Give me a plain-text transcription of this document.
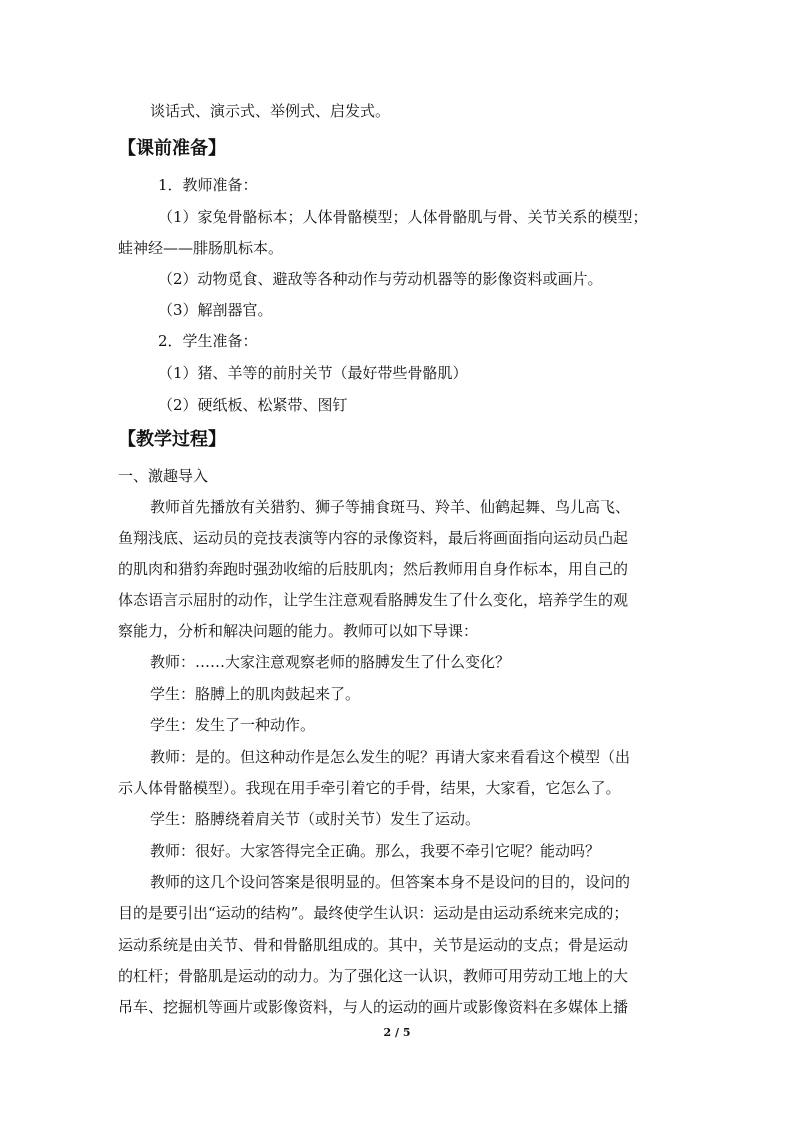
谈话式、演示式、举例式、启发式。
【课前准备】
1．教师准备：
（1）家兔骨骼标本；人体骨骼模型；人体骨骼肌与骨、关节关系的模型；
蛙神经——腓肠肌标本。
（2）动物觅食、避敌等各种动作与劳动机器等的影像资料或画片。
（3）解剖器官。
2．学生准备：
（1）猪、羊等的前肘关节（最好带些骨骼肌）
（2）硬纸板、松紧带、图钉
【教学过程】
一、激趣导入
教师首先播放有关猎豹、狮子等捕食斑马、羚羊、仙鹤起舞、鸟儿高飞、
鱼翔浅底、运动员的竞技表演等内容的录像资料，最后将画面指向运动员凸起
的肌肉和猎豹奔跑时强劲收缩的后肢肌肉；然后教师用自身作标本，用自己的
体态语言示屈肘的动作，让学生注意观看胳膊发生了什么变化，培养学生的观
察能力，分析和解决问题的能力。教师可以如下导课：
教师：……大家注意观察老师的胳膊发生了什么变化？
学生：胳膊上的肌肉鼓起来了。
学生：发生了一种动作。
教师：是的。但这种动作是怎么发生的呢？再请大家来看看这个模型（出
示人体骨骼模型）。我现在用手牵引着它的手骨，结果，大家看，它怎么了。
学生：胳膊绕着肩关节（或肘关节）发生了运动。
教师：很好。大家答得完全正确。那么，我要不牵引它呢？能动吗？
教师的这几个设问答案是很明显的。但答案本身不是设问的目的，设问的
目的是要引出“运动的结构”。最终使学生认识：运动是由运动系统来完成的；
运动系统是由关节、骨和骨骼肌组成的。其中，关节是运动的支点；骨是运动
的杠杆；骨骼肌是运动的动力。为了强化这一认识，教师可用劳动工地上的大
吊车、挖掘机等画片或影像资料，与人的运动的画片或影像资料在多媒体上播
2 / 5
